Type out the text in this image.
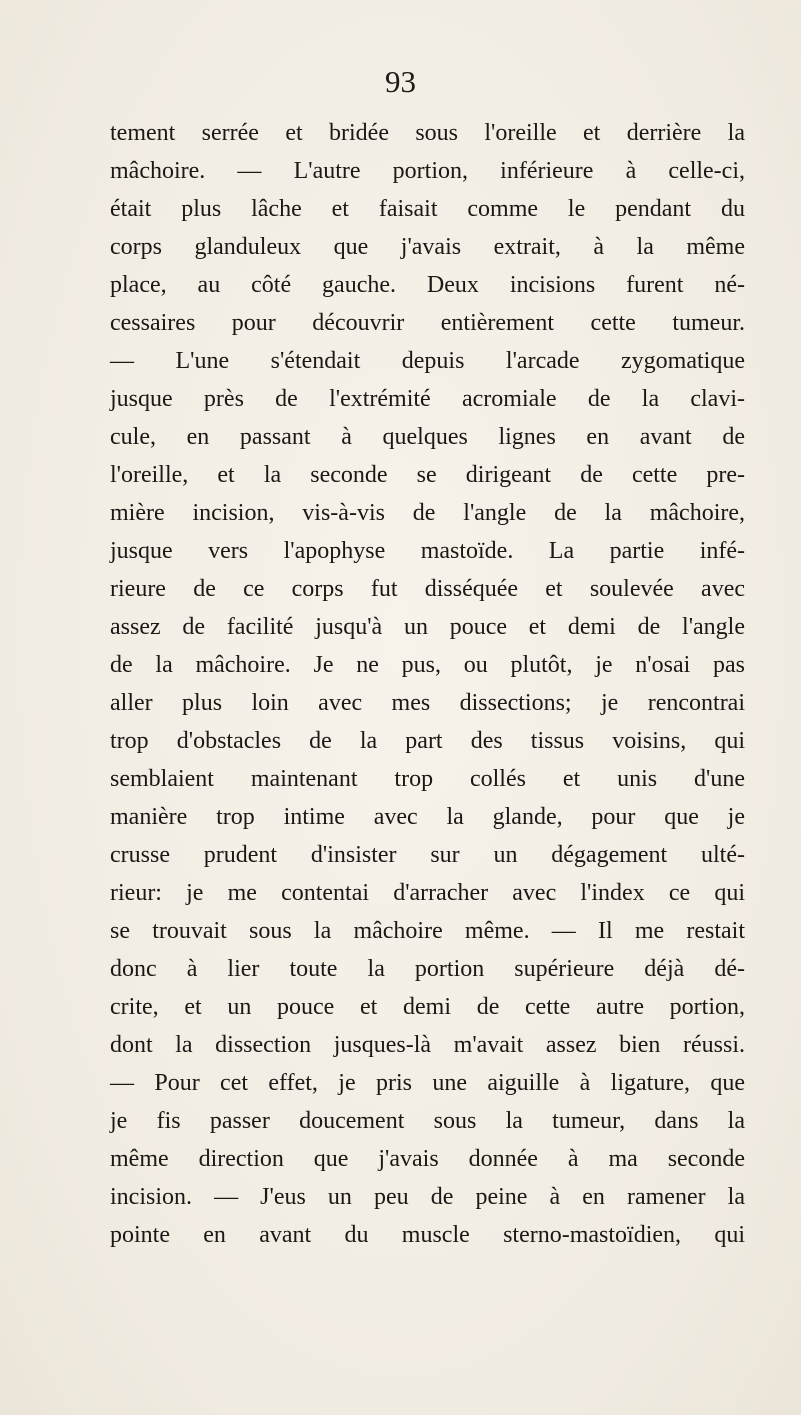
93
tement serrée et bridée sous l'oreille et derrière la
mâchoire. — L'autre portion, inférieure à celle-ci,
était plus lâche et faisait comme le pendant du
corps glanduleux que j'avais extrait, à la même
place, au côté gauche. Deux incisions furent né-
cessaires pour découvrir entièrement cette tumeur.
— L'une s'étendait depuis l'arcade zygomatique
jusque près de l'extrémité acromiale de la clavi-
cule, en passant à quelques lignes en avant de
l'oreille, et la seconde se dirigeant de cette pre-
mière incision, vis-à-vis de l'angle de la mâchoire,
jusque vers l'apophyse mastoïde. La partie infé-
rieure de ce corps fut disséquée et soulevée avec
assez de facilité jusqu'à un pouce et demi de l'angle
de la mâchoire. Je ne pus, ou plutôt, je n'osai pas
aller plus loin avec mes dissections; je rencontrai
trop d'obstacles de la part des tissus voisins, qui
semblaient maintenant trop collés et unis d'une
manière trop intime avec la glande, pour que je
crusse prudent d'insister sur un dégagement ulté-
rieur: je me contentai d'arracher avec l'index ce qui
se trouvait sous la mâchoire même. — Il me restait
donc à lier toute la portion supérieure déjà dé-
crite, et un pouce et demi de cette autre portion,
dont la dissection jusques-là m'avait assez bien réussi.
— Pour cet effet, je pris une aiguille à ligature, que
je fis passer doucement sous la tumeur, dans la
même direction que j'avais donnée à ma seconde
incision. — J'eus un peu de peine à en ramener la
pointe en avant du muscle sterno-mastoïdien, qui
